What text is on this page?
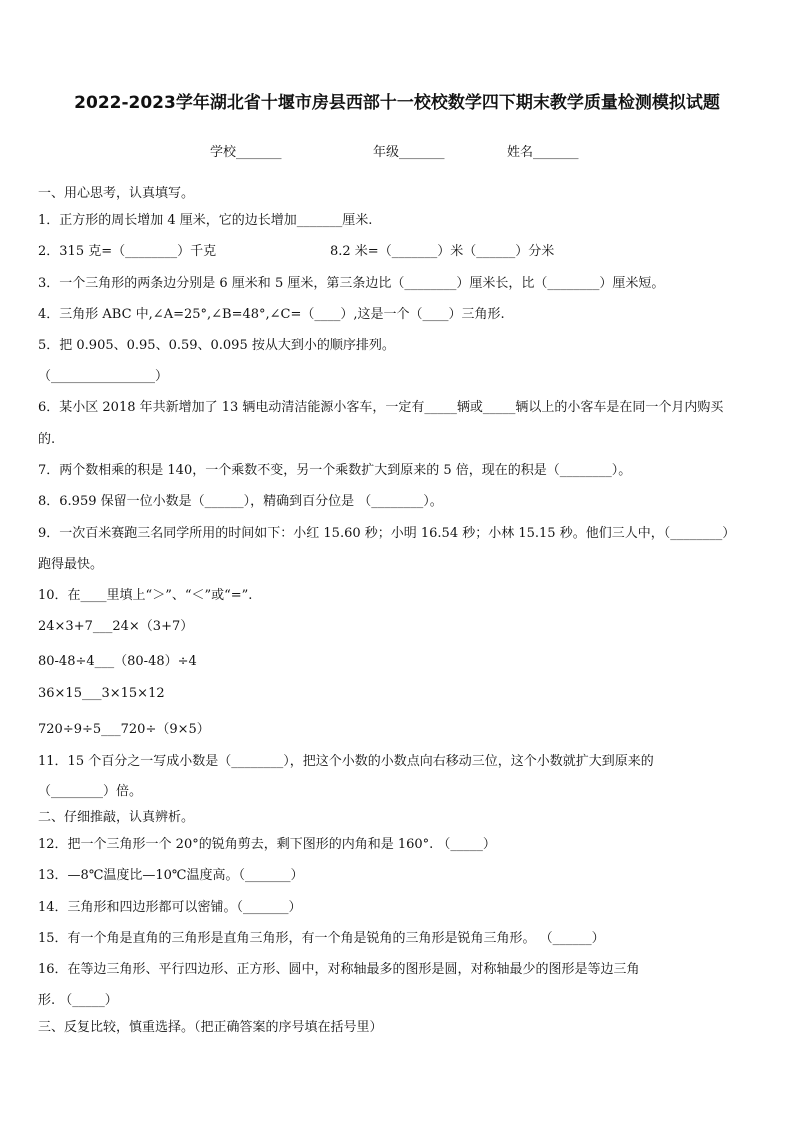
2022-2023学年湖北省十堰市房县西部十一校校数学四下期末教学质量检测模拟试题
学校_______	年级_______	姓名_______
一、用心思考，认真填写。
1．正方形的周长增加 4 厘米，它的边长增加_______厘米.
2．315 克=（________）千克	8.2 米=（_______）米（______）分米
3．一个三角形的两条边分别是 6 厘米和 5 厘米，第三条边比（________）厘米长，比（________）厘米短。
4．三角形 ABC 中,∠A=25°,∠B=48°,∠C=（____）,这是一个（____）三角形.
5．把 0.905、0.95、0.59、0.095 按从大到小的顺序排列。
（________________）
6．某小区 2018 年共新增加了 13 辆电动清洁能源小客车，一定有_____辆或_____辆以上的小客车是在同一个月内购买
的.
7．两个数相乘的积是 140，一个乘数不变，另一个乘数扩大到原来的 5 倍，现在的积是（________）。
8．6.959 保留一位小数是（______），精确到百分位是 （________）。
9．一次百米赛跑三名同学所用的时间如下：小红 15.60 秒；小明 16.54 秒；小林 15.15 秒。他们三人中，（________）
跑得最快。
10．在____里填上“＞”、“＜”或“=”.
24×3+7___24×（3+7）
80-48÷4___（80-48）÷4
36×15___3×15×12
720÷9÷5___720÷（9×5）
11．15 个百分之一写成小数是（________），把这个小数的小数点向右移动三位，这个小数就扩大到原来的
（________）倍。
二、仔细推敲，认真辨析。
12．把一个三角形一个 20°的锐角剪去，剩下图形的内角和是 160°. （_____）
13．—8℃温度比—10℃温度高。（_______）
14．三角形和四边形都可以密铺。（_______）
15．有一个角是直角的三角形是直角三角形，有一个角是锐角的三角形是锐角三角形。 （______）
16．在等边三角形、平行四边形、正方形、圆中，对称轴最多的图形是圆，对称轴最少的图形是等边三角
形. （_____）
三、反复比较，慎重选择。（把正确答案的序号填在括号里）
